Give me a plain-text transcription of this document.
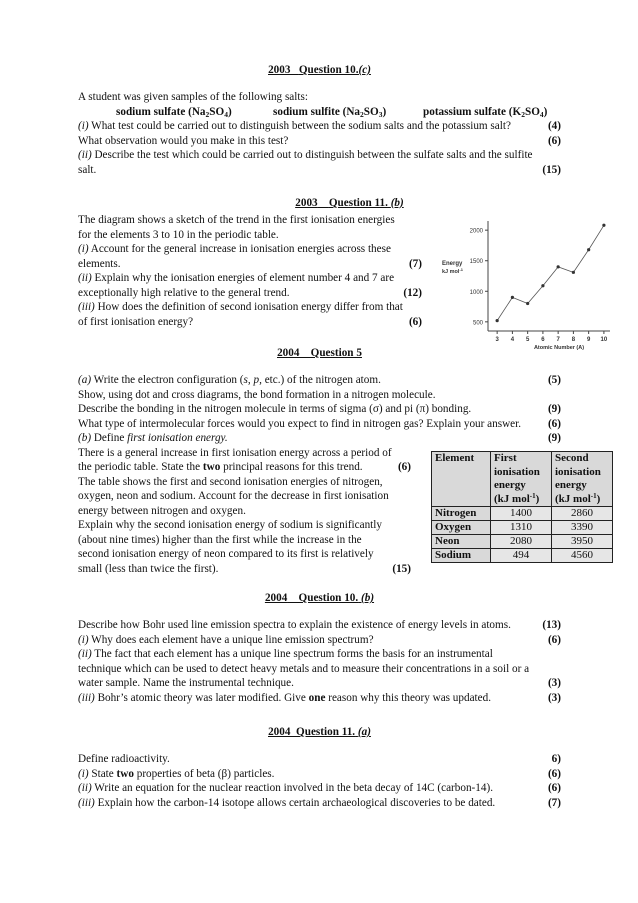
2003 Question 10.(c)
A student was given samples of the following salts:
sodium sulfate $(Na_2SO_4)$	sodium sulfite $(Na_2SO_3)$	potassium sulfate $(K_2SO_4)$
(i) What test could be carried out to distinguish between the sodium salts and the potassium salt?	(4)
What observation would you make in this test?	(6)
(ii) Describe the test which could be carried out to distinguish between the sulfate salts and the sulfite
salt.	(15)
2003 Question 11. (b)
The diagram shows a sketch of the trend in the first ionisation energies
for the elements 3 to 10 in the periodic table.
(i) Account for the general increase in ionisation energies across these
elements.	(7)
(ii) Explain why the ionisation energies of element number 4 and 7 are
exceptionally high relative to the general trend.	(12)
(iii) How does the definition of second ionisation energy differ from that
of first ionisation energy?	(6)	500
1000
1500
2000
3 4 5 6 7 8 9 10
Energy
kJ mol$^{-1}$
Atomic Number (A)
2004 Question 5
(a) Write the electron configuration (s, p, etc.) of the nitrogen atom.	(5)
Show, using dot and cross diagrams, the bond formation in a nitrogen molecule.
Describe the bonding in the nitrogen molecule in terms of sigma (σ) and pi (π) bonding.	(9)
What type of intermolecular forces would you expect to find in nitrogen gas? Explain your answer. (6)
(b) Define first ionisation energy.	(9)
There is a general increase in first ionisation energy across a period of
the periodic table. State the two principal reasons for this trend.	(6)
The table shows the first and second ionisation energies of nitrogen,
oxygen, neon and sodium. Account for the decrease in first ionisation
energy between nitrogen and oxygen.
Explain why the second ionisation energy of sodium is significantly
(about nine times) higher than the first while the increase in the
second ionisation energy of neon compared to its first is relatively
small (less than twice the first).	(15)
Element	First
ionisation
energy
(kJ mol$^{-1}$)	Second
ionisation
energy
(kJ mol$^{-1}$)
Nitrogen	1400	2860
Oxygen	1310	3390
Neon	2080	3950
Sodium	494	4560
2004 Question 10. (b)
Describe how Bohr used line emission spectra to explain the existence of energy levels in atoms.	(13)
(i) Why does each element have a unique line emission spectrum?	(6)
(ii) The fact that each element has a unique line spectrum forms the basis for an instrumental
technique which can be used to detect heavy metals and to measure their concentrations in a soil or a
water sample. Name the instrumental technique.	(3)
(iii) Bohr’s atomic theory was later modified. Give one reason why this theory was updated.	(3)
2004 Question 11. (a)
Define radioactivity.	6)
(i) State two properties of beta (β) particles.	(6)
(ii) Write an equation for the nuclear reaction involved in the beta decay of 14C (carbon-14).	(6)
(iii) Explain how the carbon-14 isotope allows certain archaeological discoveries to be dated.	(7)
